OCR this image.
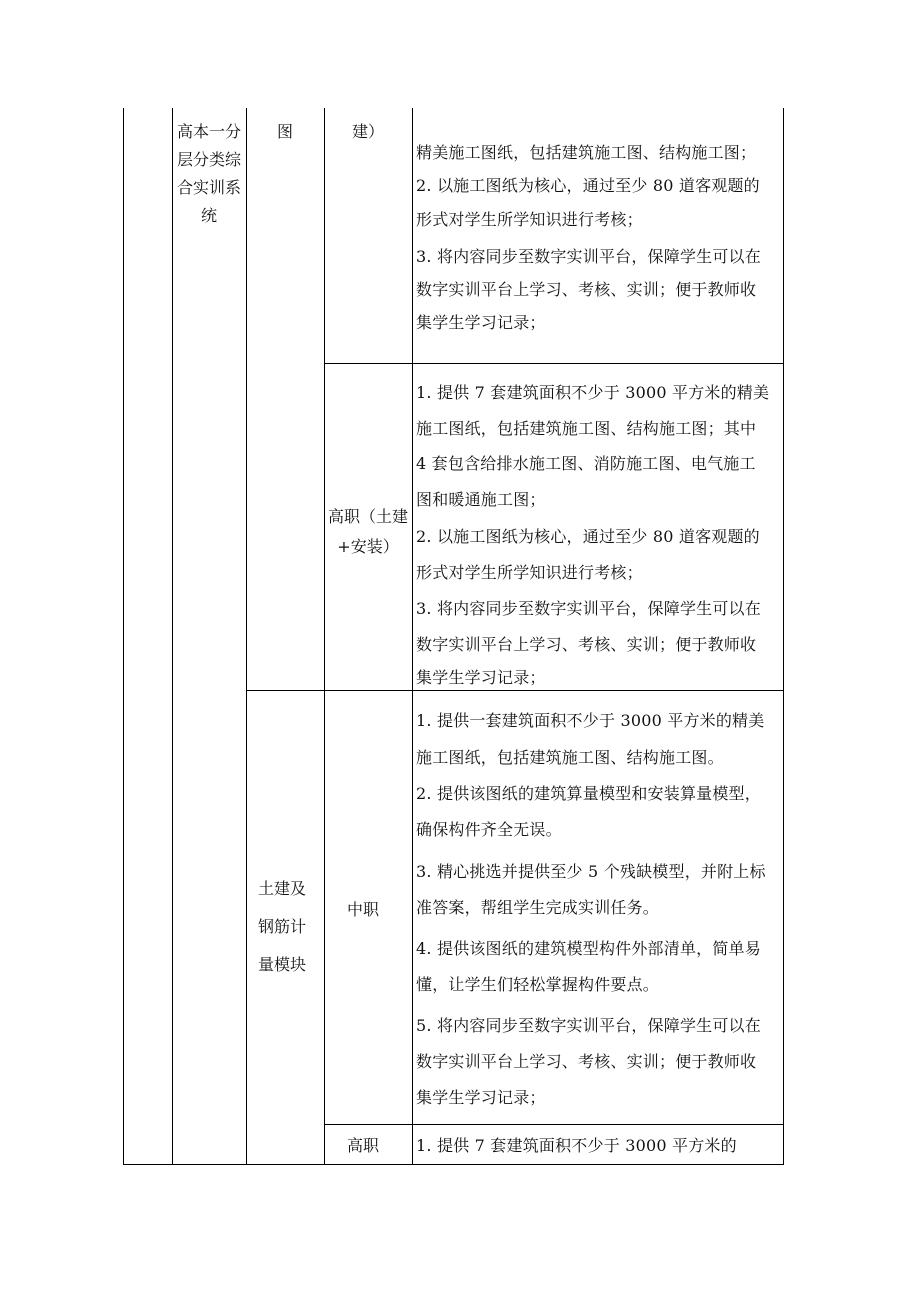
高本一分
层分类综
合实训系
统
图
土建及
钢筋计
量模块
建）
高职（土建
+安装）
中职
高职
精美施工图纸，包括建筑施工图、结构施工图；
2. 以施工图纸为核心，通过至少 80 道客观题的
形式对学生所学知识进行考核；
3. 将内容同步至数字实训平台，保障学生可以在
数字实训平台上学习、考核、实训；便于教师收
集学生学习记录；
1. 提供 7 套建筑面积不少于 3000 平方米的精美
施工图纸，包括建筑施工图、结构施工图；其中
4 套包含给排水施工图、消防施工图、电气施工
图和暖通施工图；
2. 以施工图纸为核心，通过至少 80 道客观题的
形式对学生所学知识进行考核；
3. 将内容同步至数字实训平台，保障学生可以在
数字实训平台上学习、考核、实训；便于教师收
集学生学习记录；
1. 提供一套建筑面积不少于 3000 平方米的精美
施工图纸，包括建筑施工图、结构施工图。
2. 提供该图纸的建筑算量模型和安装算量模型，
确保构件齐全无误。
3. 精心挑选并提供至少 5 个残缺模型，并附上标
准答案，帮组学生完成实训任务。
4. 提供该图纸的建筑模型构件外部清单，简单易
懂，让学生们轻松掌握构件要点。
5. 将内容同步至数字实训平台，保障学生可以在
数字实训平台上学习、考核、实训；便于教师收
集学生学习记录；
1. 提供 7 套建筑面积不少于 3000 平方米的
